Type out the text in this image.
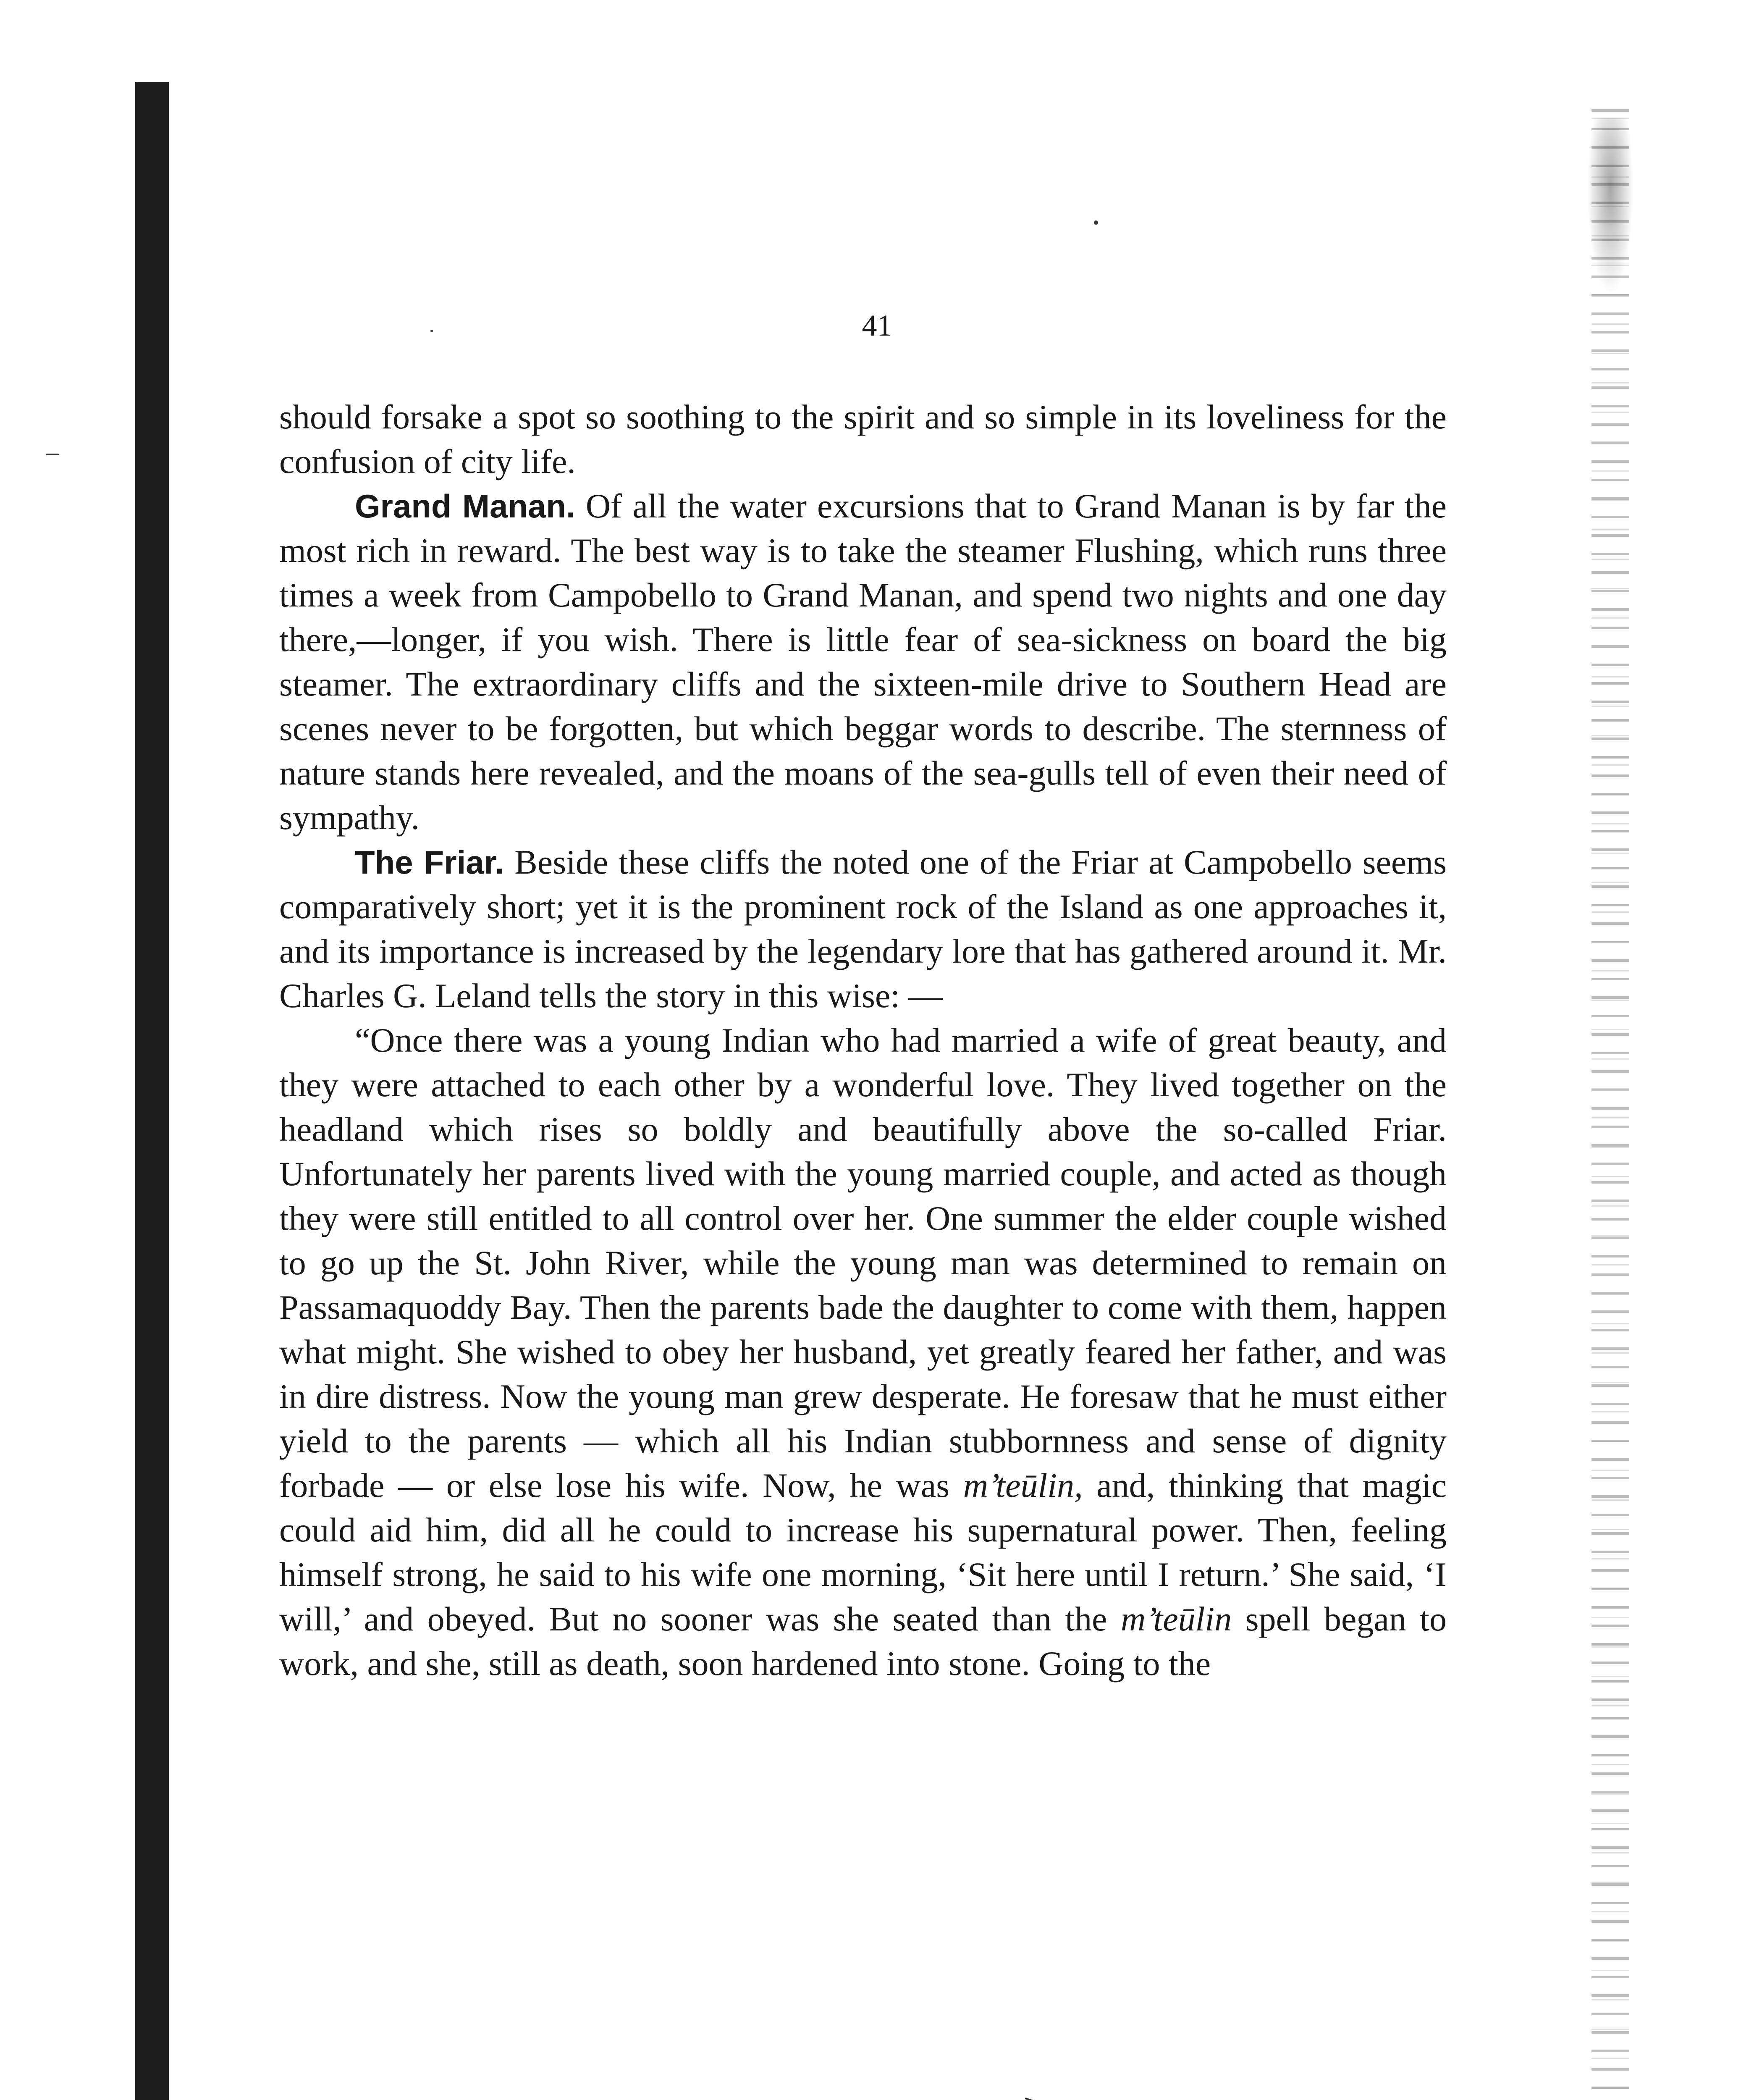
41

should forsake a spot so soothing to the spirit and so simple in its loveliness for the confusion of city life.

Grand Manan. Of all the water excursions that to Grand Manan is by far the most rich in reward. The best way is to take the steamer Flushing, which runs three times a week from Campobello to Grand Manan, and spend two nights and one day there,—longer, if you wish. There is little fear of sea-sickness on board the big steamer. The extraordinary cliffs and the sixteen-mile drive to Southern Head are scenes never to be forgotten, but which beggar words to describe. The sternness of nature stands here revealed, and the moans of the sea-gulls tell of even their need of sympathy.

The Friar. Beside these cliffs the noted one of the Friar at Campobello seems comparatively short; yet it is the prominent rock of the Island as one approaches it, and its importance is increased by the legendary lore that has gathered around it. Mr. Charles G. Leland tells the story in this wise: —

“Once there was a young Indian who had married a wife of great beauty, and they were attached to each other by a wonderful love. They lived together on the headland which rises so boldly and beautifully above the so-called Friar. Unfortunately her parents lived with the young married couple, and acted as though they were still entitled to all control over her. One summer the elder couple wished to go up the St. John River, while the young man was determined to remain on Passamaquoddy Bay. Then the parents bade the daughter to come with them, happen what might. She wished to obey her husband, yet greatly feared her father, and was in dire distress. Now the young man grew desperate. He foresaw that he must either yield to the parents — which all his Indian stubbornness and sense of dignity forbade — or else lose his wife. Now, he was m’teūlin, and, thinking that magic could aid him, did all he could to increase his supernatural power. Then, feeling himself strong, he said to his wife one morning, ‘Sit here until I return.’ She said, ‘I will,’ and obeyed. But no sooner was she seated than the m’teūlin spell began to work, and she, still as death, soon hardened into stone. Going to the
